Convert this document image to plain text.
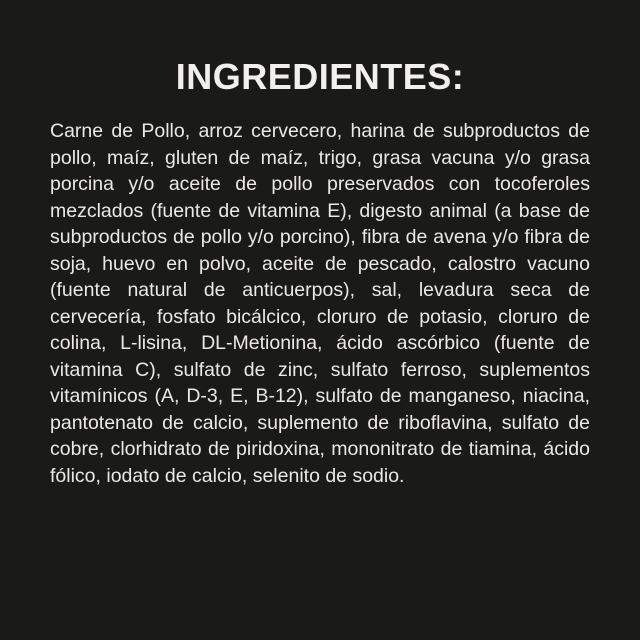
INGREDIENTES:
Carne de Pollo, arroz cervecero, harina de subproductos de pollo, maíz, gluten de maíz, trigo, grasa vacuna y/o grasa porcina y/o aceite de pollo preservados con tocoferoles mezclados (fuente de vitamina E), digesto animal (a base de subproductos de pollo y/o porcino), fibra de avena y/o fibra de soja, huevo en polvo, aceite de pescado, calostro vacuno (fuente natural de anticuerpos), sal, levadura seca de cervecería, fosfato bicálcico, cloruro de potasio, cloruro de colina, L-lisina, DL-Metionina, ácido ascórbico (fuente de vitamina C), sulfato de zinc, sulfato ferroso, suplementos vitamínicos (A, D-3, E, B-12), sulfato de manganeso, niacina, pantotenato de calcio, suplemento de riboflavina, sulfato de cobre, clorhidrato de piridoxina, mononitrato de tiamina, ácido fólico, iodato de calcio, selenito de sodio.
